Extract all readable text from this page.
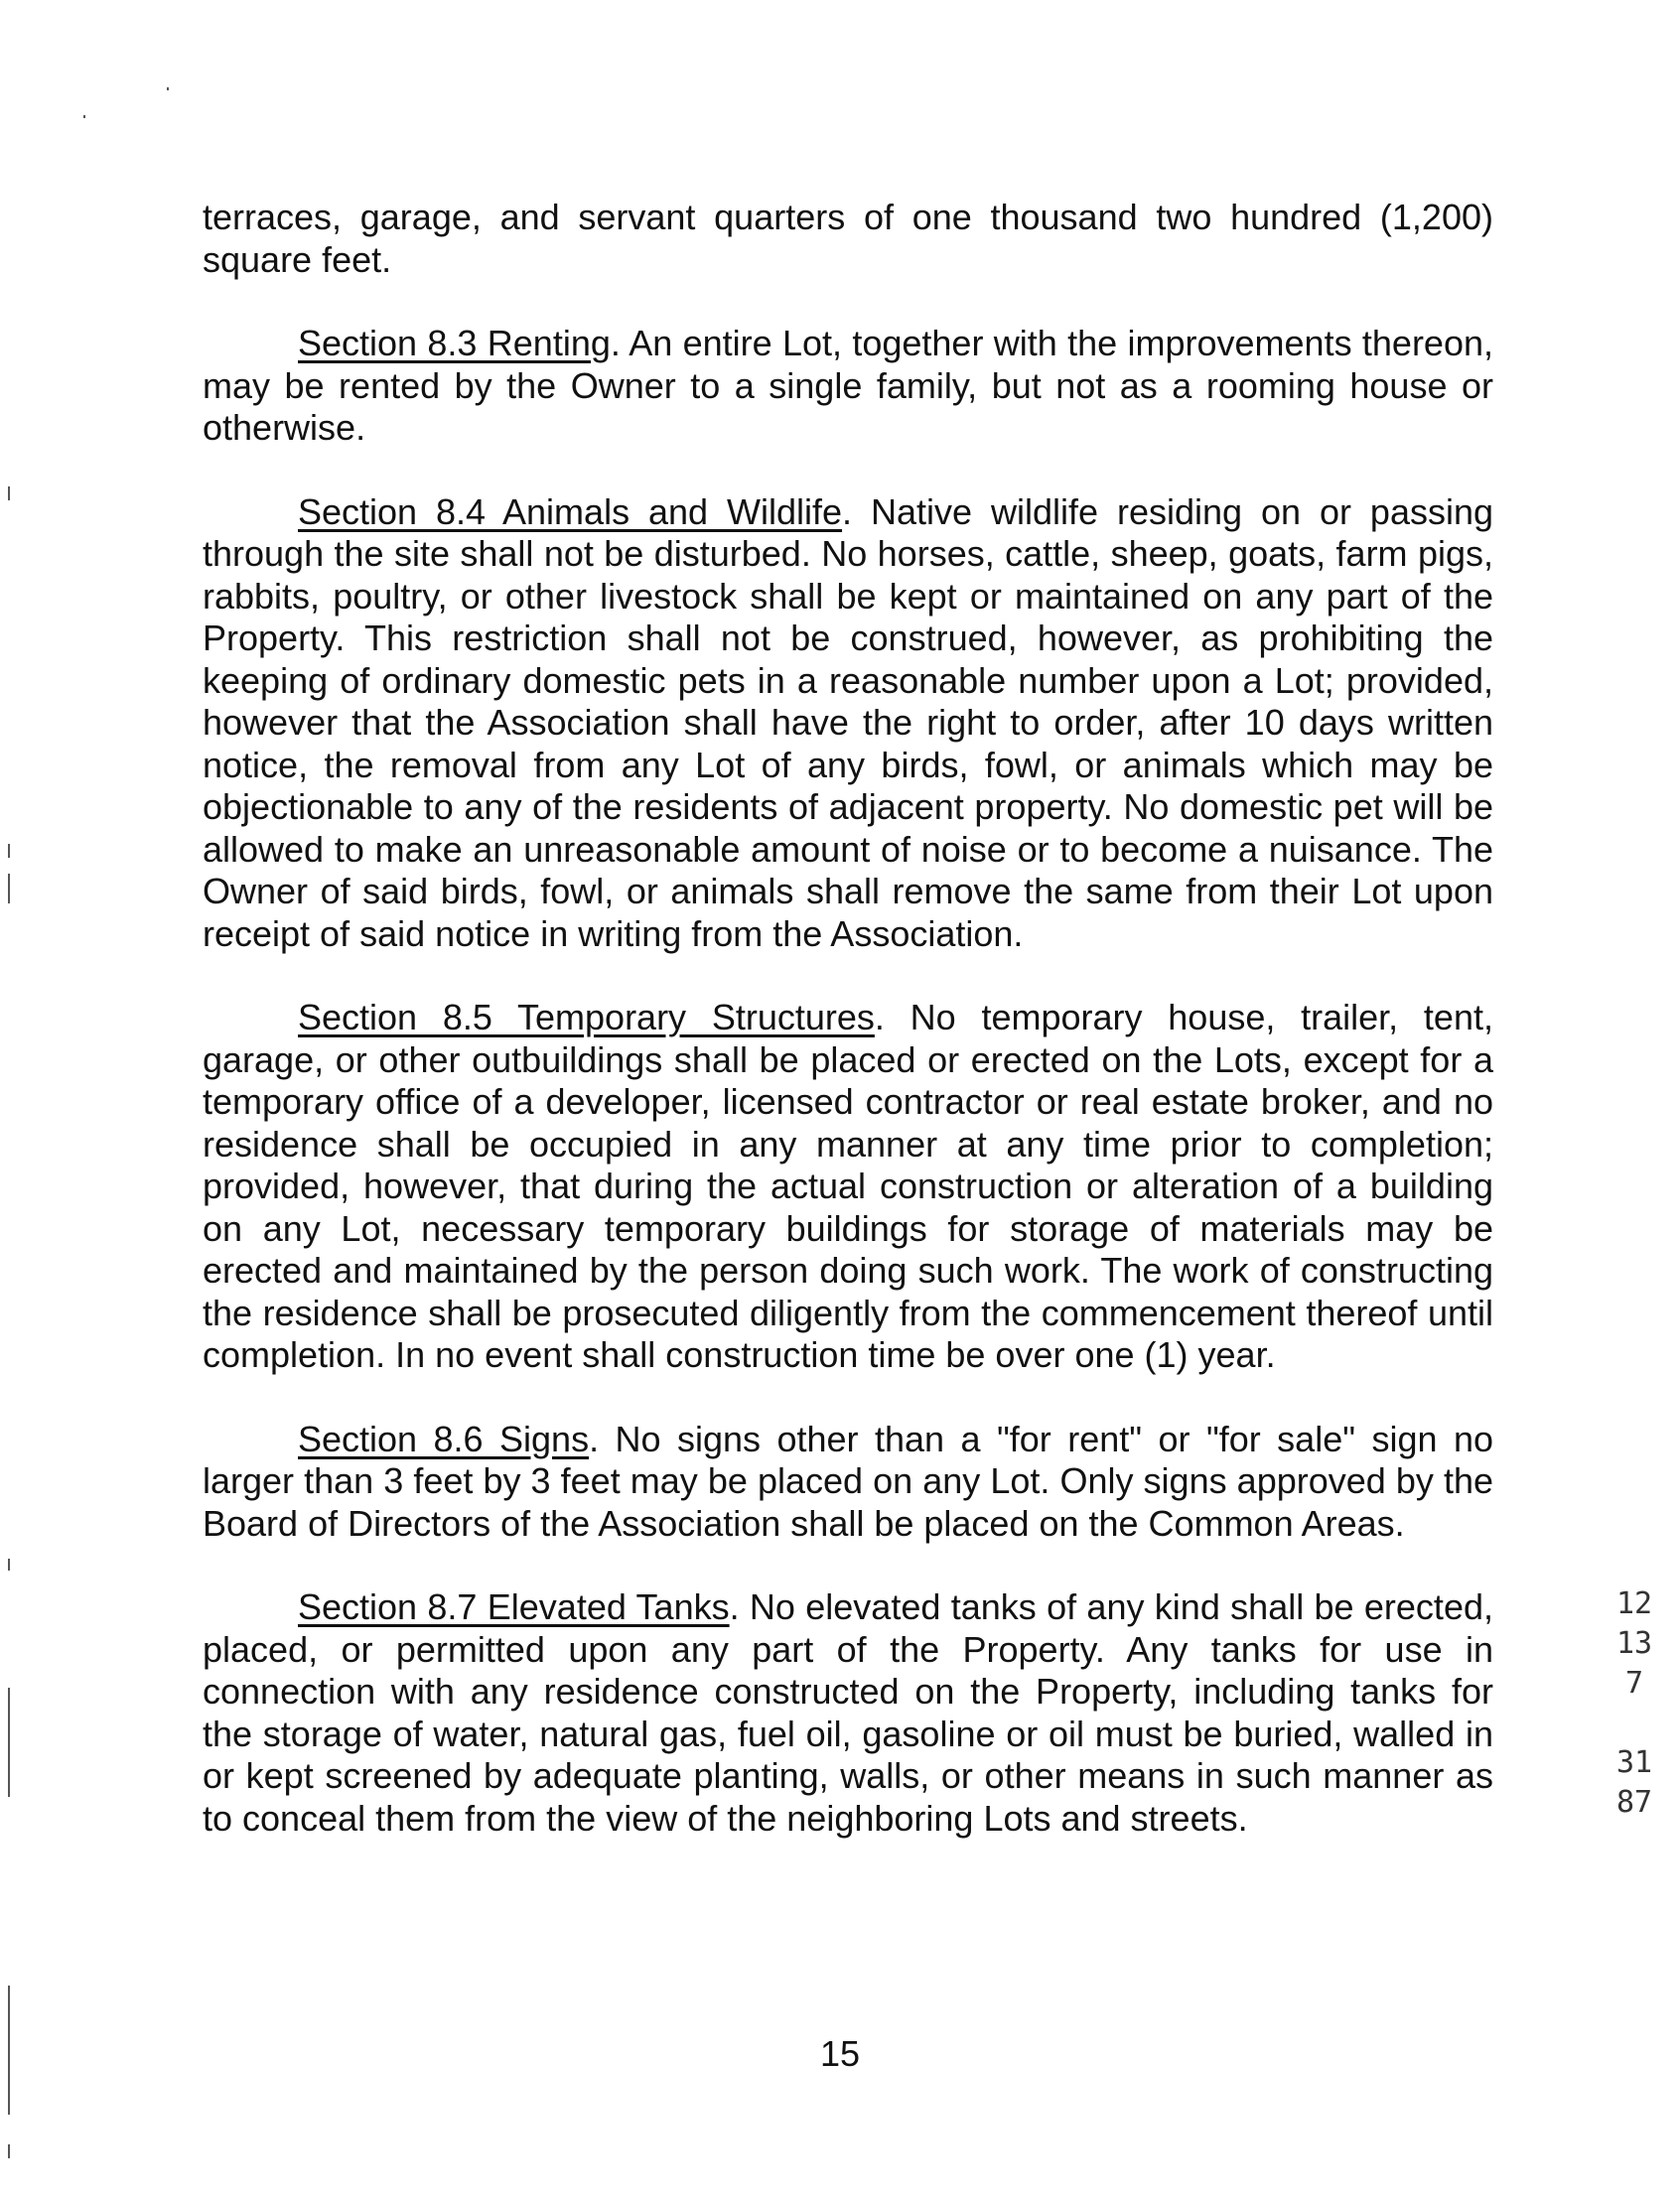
terraces, garage, and servant quarters of one thousand two hundred (1,200) square feet.

Section 8.3 Renting. An entire Lot, together with the improvements thereon, may be rented by the Owner to a single family, but not as a rooming house or otherwise.

Section 8.4 Animals and Wildlife. Native wildlife residing on or passing through the site shall not be disturbed. No horses, cattle, sheep, goats, farm pigs, rabbits, poultry, or other livestock shall be kept or maintained on any part of the Property. This restriction shall not be construed, however, as prohibiting the keeping of ordinary domestic pets in a reasonable number upon a Lot; provided, however that the Association shall have the right to order, after 10 days written notice, the removal from any Lot of any birds, fowl, or animals which may be objectionable to any of the residents of adjacent property. No domestic pet will be allowed to make an unreasonable amount of noise or to become a nuisance. The Owner of said birds, fowl, or animals shall remove the same from their Lot upon receipt of said notice in writing from the Association.

Section 8.5 Temporary Structures. No temporary house, trailer, tent, garage, or other outbuildings shall be placed or erected on the Lots, except for a temporary office of a developer, licensed contractor or real estate broker, and no residence shall be occupied in any manner at any time prior to completion; provided, however, that during the actual construction or alteration of a building on any Lot, necessary temporary buildings for storage of materials may be erected and maintained by the person doing such work. The work of constructing the residence shall be prosecuted diligently from the commencement thereof until completion. In no event shall construction time be over one (1) year.

Section 8.6 Signs. No signs other than a "for rent" or "for sale" sign no larger than 3 feet by 3 feet may be placed on any Lot. Only signs approved by the Board of Directors of the Association shall be placed on the Common Areas.

Section 8.7 Elevated Tanks. No elevated tanks of any kind shall be erected, placed, or permitted upon any part of the Property. Any tanks for use in connection with any residence constructed on the Property, including tanks for the storage of water, natural gas, fuel oil, gasoline or oil must be buried, walled in or kept screened by adequate planting, walls, or other means in such manner as to conceal them from the view of the neighboring Lots and streets.

15
12137
3187
